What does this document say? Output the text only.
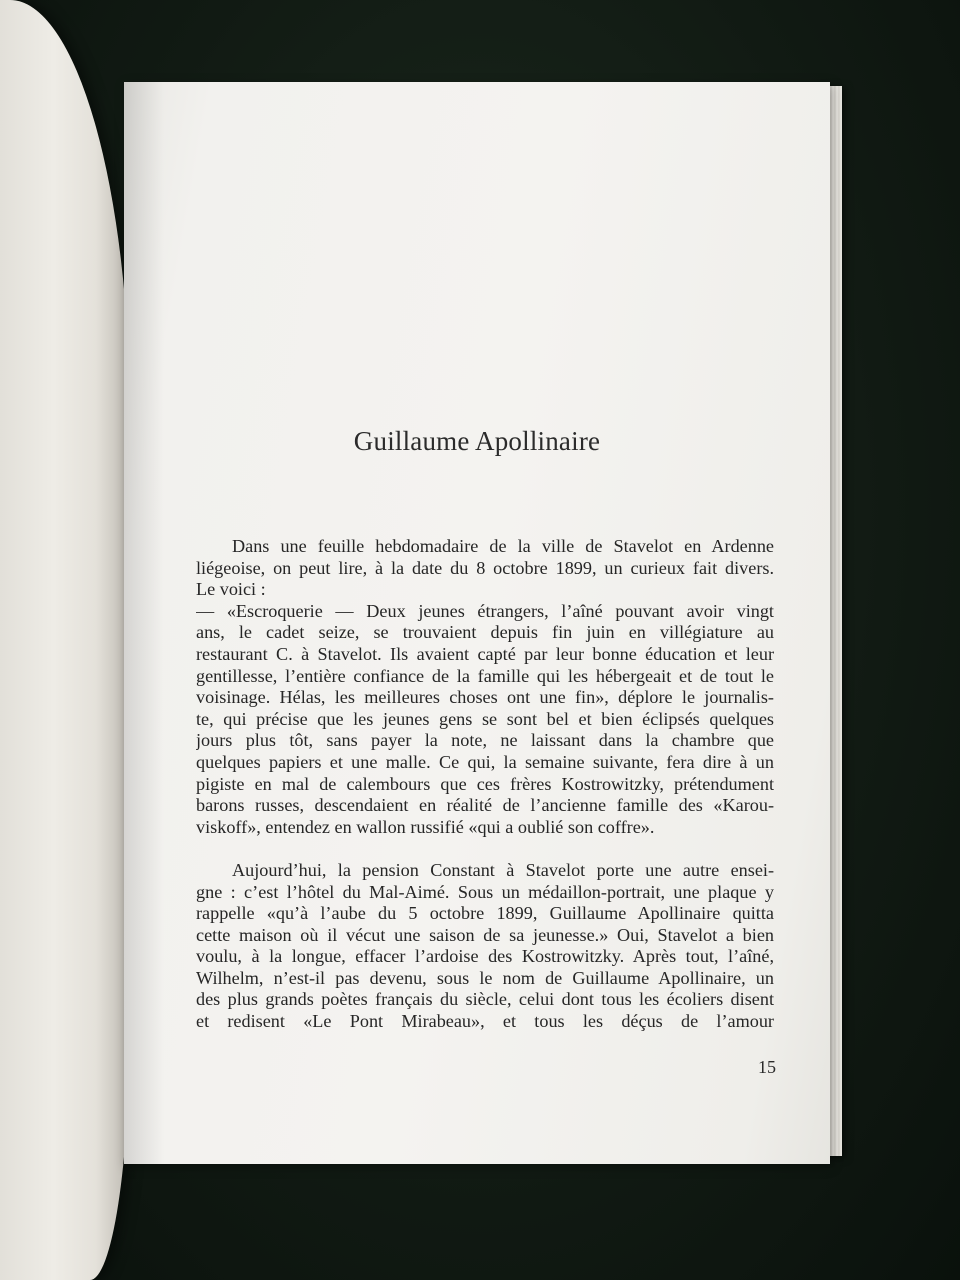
Guillaume Apollinaire
Dans une feuille hebdomadaire de la ville de Stavelot en Ardenne
liégeoise, on peut lire, à la date du 8 octobre 1899, un curieux fait divers.
Le voici :
— «Escroquerie — Deux jeunes étrangers, l’aîné pouvant avoir vingt
ans, le cadet seize, se trouvaient depuis fin juin en villégiature au
restaurant C. à Stavelot. Ils avaient capté par leur bonne éducation et leur
gentillesse, l’entière confiance de la famille qui les hébergeait et de tout le
voisinage. Hélas, les meilleures choses ont une fin», déplore le journalis-
te, qui précise que les jeunes gens se sont bel et bien éclipsés quelques
jours plus tôt, sans payer la note, ne laissant dans la chambre que
quelques papiers et une malle. Ce qui, la semaine suivante, fera dire à un
pigiste en mal de calembours que ces frères Kostrowitzky, prétendument
barons russes, descendaient en réalité de l’ancienne famille des «Karou-
viskoff», entendez en wallon russifié «qui a oublié son coffre».
Aujourd’hui, la pension Constant à Stavelot porte une autre ensei-
gne : c’est l’hôtel du Mal-Aimé. Sous un médaillon-portrait, une plaque y
rappelle «qu’à l’aube du 5 octobre 1899, Guillaume Apollinaire quitta
cette maison où il vécut une saison de sa jeunesse.» Oui, Stavelot a bien
voulu, à la longue, effacer l’ardoise des Kostrowitzky. Après tout, l’aîné,
Wilhelm, n’est-il pas devenu, sous le nom de Guillaume Apollinaire, un
des plus grands poètes français du siècle, celui dont tous les écoliers disent
et redisent «Le Pont Mirabeau», et tous les déçus de l’amour
15
